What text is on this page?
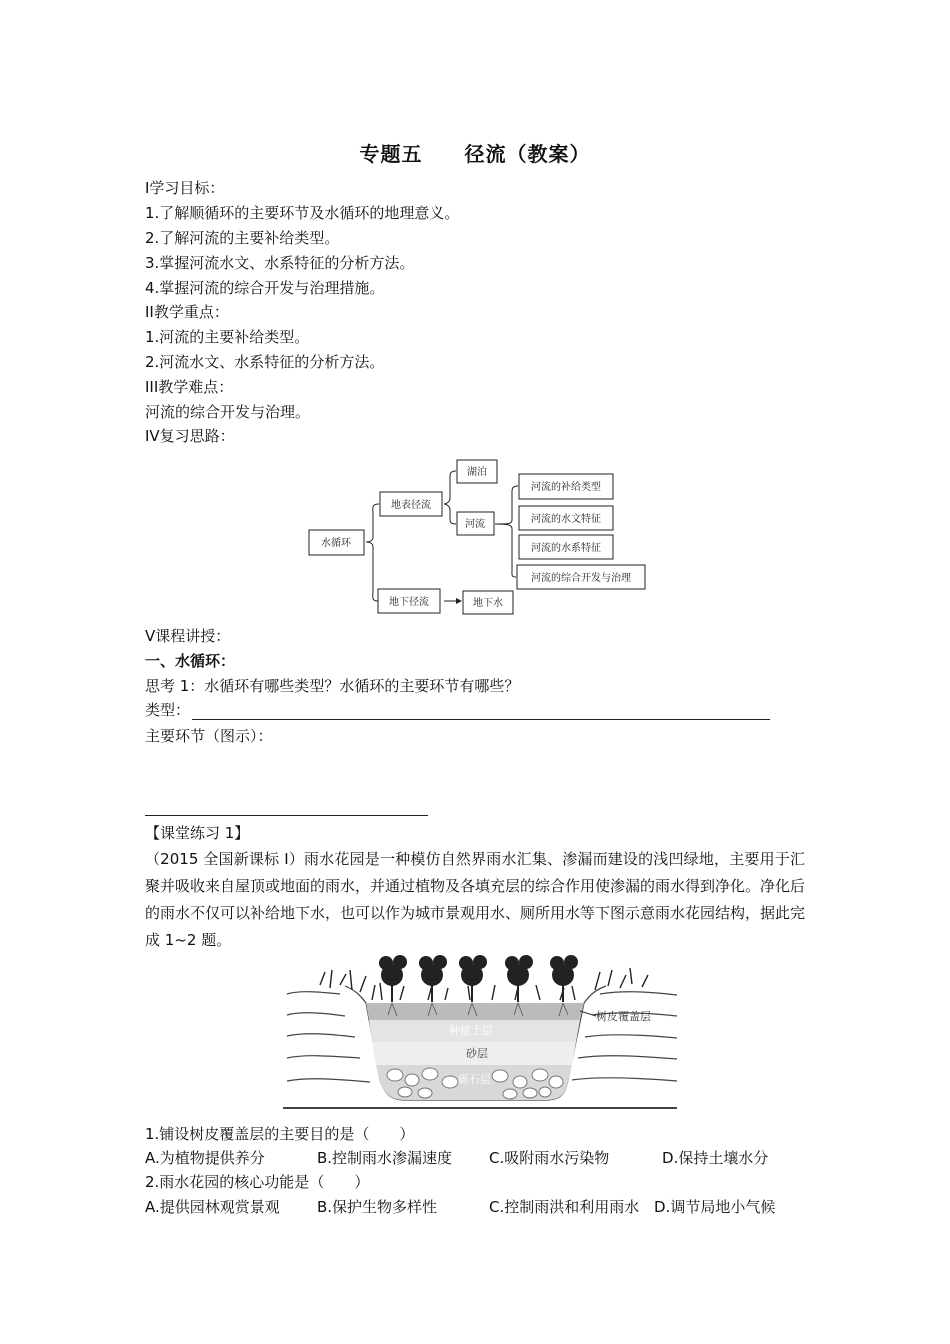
专题五　　径流（教案）
I学习目标：
1.了解顺循环的主要环节及水循环的地理意义。
2.了解河流的主要补给类型。
3.掌握河流水文、水系特征的分析方法。
4.掌握河流的综合开发与治理措施。
II教学重点：
1.河流的主要补给类型。
2.河流水文、水系特征的分析方法。
III教学难点：
河流的综合开发与治理。
IV复习思路：
水循环
地表径流
地下径流
湖泊
河流
地下水
河流的补给类型
河流的水文特征
河流的水系特征
河流的综合开发与治理
V课程讲授：
一、水循环：
思考 1：水循环有哪些类型？水循环的主要环节有哪些？
类型：
主要环节（图示）：
【课堂练习 1】
（2015 全国新课标 I）雨水花园是一种模仿自然界雨水汇集、渗漏而建设的浅凹绿地，主要用于汇聚并吸收来自屋顶或地面的雨水，并通过植物及各填充层的综合作用使渗漏的雨水得到净化。净化后的雨水不仅可以补给地下水，也可以作为城市景观用水、厕所用水等下图示意雨水花园结构，据此完成 1~2 题。
树皮覆盖层
种植土层
砂层
砾石层
1.铺设树皮覆盖层的主要目的是（　　）
A.为植物提供养分	B.控制雨水渗漏速度 C.吸附雨水污染物	D.保持土壤水分
2.雨水花园的核心功能是（　　）
A.提供园林观赏景观 B.保护生物多样性	C.控制雨洪和利用雨水 D.调节局地小气候
